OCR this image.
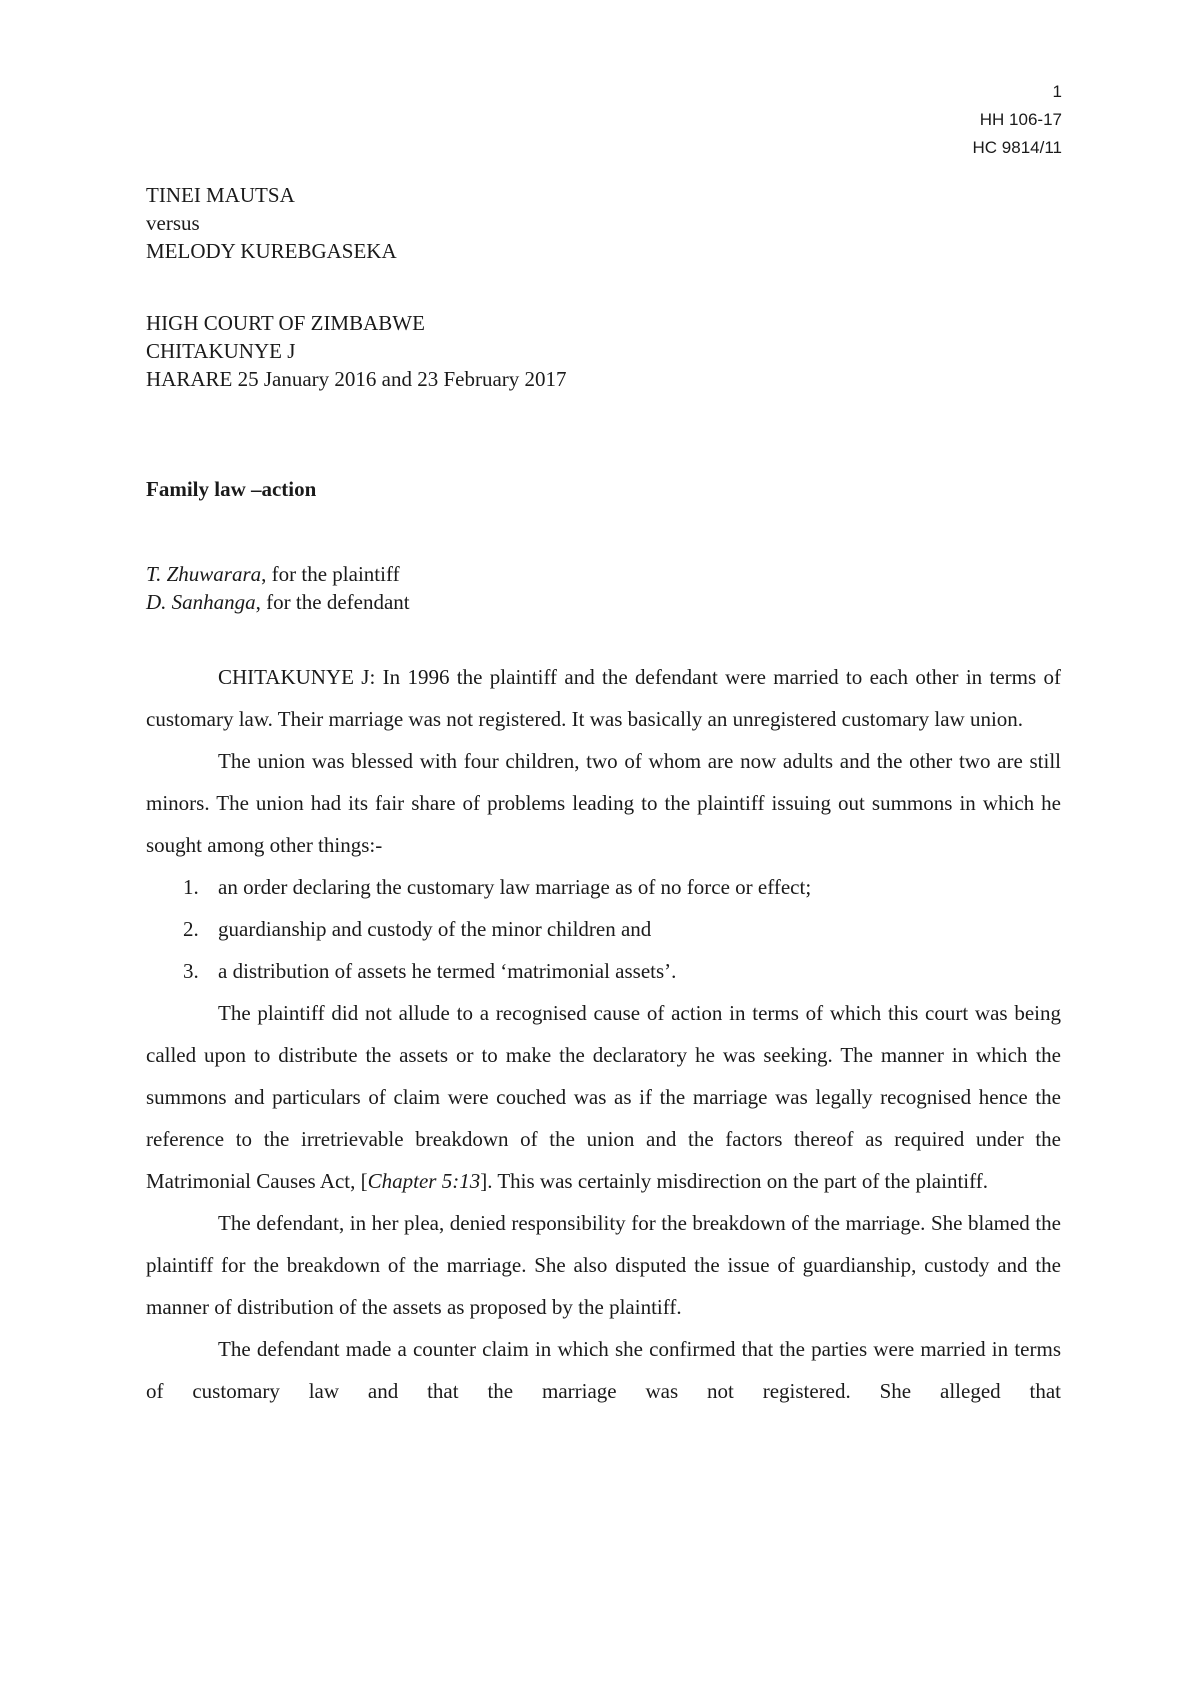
1
HH 106-17
HC 9814/11
TINEI MAUTSA
versus
MELODY KUREBGASEKA
HIGH COURT OF ZIMBABWE
CHITAKUNYE J
HARARE 25 January 2016 and 23 February 2017
Family law –action
T. Zhuwarara, for the plaintiff
D. Sanhanga, for the defendant

CHITAKUNYE J: In 1996 the plaintiff and the defendant were married to each other in terms of customary law. Their marriage was not registered. It was basically an unregistered customary law union.

The union was blessed with four children, two of whom are now adults and the other two are still minors. The union had its fair share of problems leading to the plaintiff issuing out summons in which he sought among other things:-

1. an order declaring the customary law marriage as of no force or effect;
2. guardianship and custody of the minor children and
3. a distribution of assets he termed ‘matrimonial assets’.

The plaintiff did not allude to a recognised cause of action in terms of which this court was being called upon to distribute the assets or to make the declaratory he was seeking. The manner in which the summons and particulars of claim were couched was as if the marriage was legally recognised hence the reference to the irretrievable breakdown of the union and the factors thereof as required under the Matrimonial Causes Act, [Chapter 5:13]. This was certainly misdirection on the part of the plaintiff.

The defendant, in her plea, denied responsibility for the breakdown of the marriage. She blamed the plaintiff for the breakdown of the marriage. She also disputed the issue of guardianship, custody and the manner of distribution of the assets as proposed by the plaintiff.

The defendant made a counter claim in which she confirmed that the parties were married in terms of customary law and that the marriage was not registered. She alleged that
